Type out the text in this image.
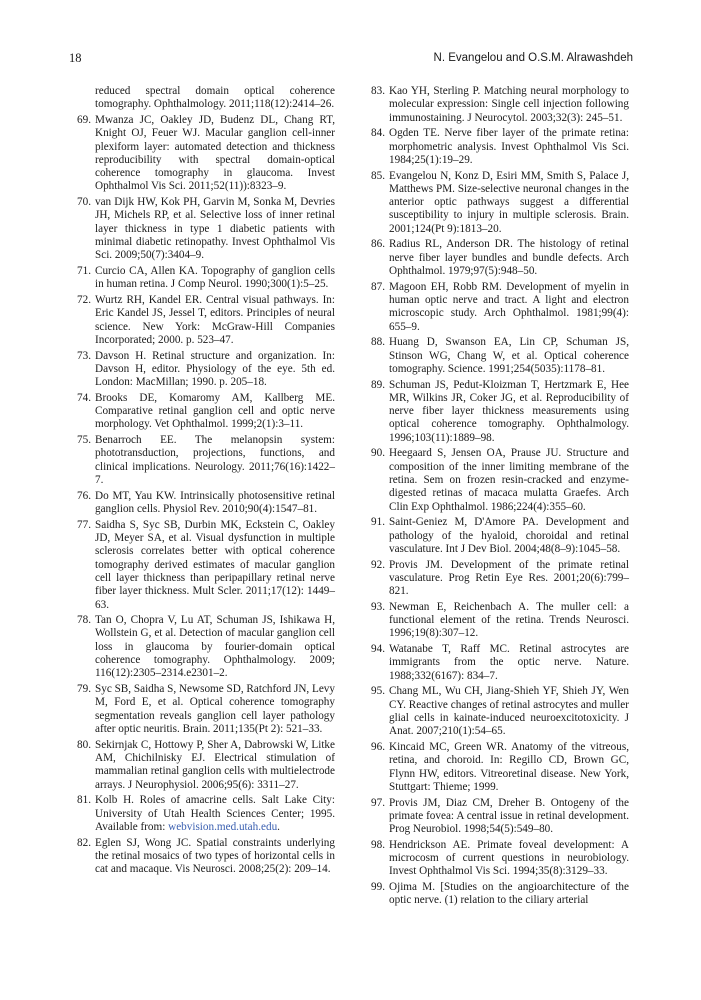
18	N. Evangelou and O.S.M. Alrawashdeh
reduced spectral domain optical coherence tomography. Ophthalmology. 2011;118(12):2414–26.
69. Mwanza JC, Oakley JD, Budenz DL, Chang RT, Knight OJ, Feuer WJ. Macular ganglion cell-inner plexiform layer: automated detection and thickness reproducibility with spectral domain-optical coherence tomography in glaucoma. Invest Ophthalmol Vis Sci. 2011;52(11)):8323–9.
70. van Dijk HW, Kok PH, Garvin M, Sonka M, Devries JH, Michels RP, et al. Selective loss of inner retinal layer thickness in type 1 diabetic patients with minimal diabetic retinopathy. Invest Ophthalmol Vis Sci. 2009;50(7):3404–9.
71. Curcio CA, Allen KA. Topography of ganglion cells in human retina. J Comp Neurol. 1990;300(1):5–25.
72. Wurtz RH, Kandel ER. Central visual pathways. In: Eric Kandel JS, Jessel T, editors. Principles of neural science. New York: McGraw-Hill Companies Incorporated; 2000. p. 523–47.
73. Davson H. Retinal structure and organization. In: Davson H, editor. Physiology of the eye. 5th ed. London: MacMillan; 1990. p. 205–18.
74. Brooks DE, Komaromy AM, Kallberg ME. Comparative retinal ganglion cell and optic nerve morphology. Vet Ophthalmol. 1999;2(1):3–11.
75. Benarroch EE. The melanopsin system: phototransduction, projections, functions, and clinical implications. Neurology. 2011;76(16):1422–7.
76. Do MT, Yau KW. Intrinsically photosensitive retinal ganglion cells. Physiol Rev. 2010;90(4):1547–81.
77. Saidha S, Syc SB, Durbin MK, Eckstein C, Oakley JD, Meyer SA, et al. Visual dysfunction in multiple sclerosis correlates better with optical coherence tomography derived estimates of macular ganglion cell layer thickness than peripapillary retinal nerve fiber layer thickness. Mult Scler. 2011;17(12): 1449–63.
78. Tan O, Chopra V, Lu AT, Schuman JS, Ishikawa H, Wollstein G, et al. Detection of macular ganglion cell loss in glaucoma by fourier-domain optical coherence tomography. Ophthalmology. 2009; 116(12):2305–2314.e2301–2.
79. Syc SB, Saidha S, Newsome SD, Ratchford JN, Levy M, Ford E, et al. Optical coherence tomography segmentation reveals ganglion cell layer pathology after optic neuritis. Brain. 2011;135(Pt 2): 521–33.
80. Sekirnjak C, Hottowy P, Sher A, Dabrowski W, Litke AM, Chichilnisky EJ. Electrical stimulation of mammalian retinal ganglion cells with multielectrode arrays. J Neurophysiol. 2006;95(6): 3311–27.
81. Kolb H. Roles of amacrine cells. Salt Lake City: University of Utah Health Sciences Center; 1995. Available from: webvision.med.utah.edu.
82. Eglen SJ, Wong JC. Spatial constraints underlying the retinal mosaics of two types of horizontal cells in cat and macaque. Vis Neurosci. 2008;25(2): 209–14.
83. Kao YH, Sterling P. Matching neural morphology to molecular expression: Single cell injection following immunostaining. J Neurocytol. 2003;32(3): 245–51.
84. Ogden TE. Nerve fiber layer of the primate retina: morphometric analysis. Invest Ophthalmol Vis Sci. 1984;25(1):19–29.
85. Evangelou N, Konz D, Esiri MM, Smith S, Palace J, Matthews PM. Size-selective neuronal changes in the anterior optic pathways suggest a differential susceptibility to injury in multiple sclerosis. Brain. 2001;124(Pt 9):1813–20.
86. Radius RL, Anderson DR. The histology of retinal nerve fiber layer bundles and bundle defects. Arch Ophthalmol. 1979;97(5):948–50.
87. Magoon EH, Robb RM. Development of myelin in human optic nerve and tract. A light and electron microscopic study. Arch Ophthalmol. 1981;99(4): 655–9.
88. Huang D, Swanson EA, Lin CP, Schuman JS, Stinson WG, Chang W, et al. Optical coherence tomography. Science. 1991;254(5035):1178–81.
89. Schuman JS, Pedut-Kloizman T, Hertzmark E, Hee MR, Wilkins JR, Coker JG, et al. Reproducibility of nerve fiber layer thickness measurements using optical coherence tomography. Ophthalmology. 1996;103(11):1889–98.
90. Heegaard S, Jensen OA, Prause JU. Structure and composition of the inner limiting membrane of the retina. Sem on frozen resin-cracked and enzyme-digested retinas of macaca mulatta Graefes. Arch Clin Exp Ophthalmol. 1986;224(4):355–60.
91. Saint-Geniez M, D'Amore PA. Development and pathology of the hyaloid, choroidal and retinal vasculature. Int J Dev Biol. 2004;48(8–9):1045–58.
92. Provis JM. Development of the primate retinal vasculature. Prog Retin Eye Res. 2001;20(6):799–821.
93. Newman E, Reichenbach A. The muller cell: a functional element of the retina. Trends Neurosci. 1996;19(8):307–12.
94. Watanabe T, Raff MC. Retinal astrocytes are immigrants from the optic nerve. Nature. 1988;332(6167): 834–7.
95. Chang ML, Wu CH, Jiang-Shieh YF, Shieh JY, Wen CY. Reactive changes of retinal astrocytes and muller glial cells in kainate-induced neuroexcitotoxicity. J Anat. 2007;210(1):54–65.
96. Kincaid MC, Green WR. Anatomy of the vitreous, retina, and choroid. In: Regillo CD, Brown GC, Flynn HW, editors. Vitreoretinal disease. New York, Stuttgart: Thieme; 1999.
97. Provis JM, Diaz CM, Dreher B. Ontogeny of the primate fovea: A central issue in retinal development. Prog Neurobiol. 1998;54(5):549–80.
98. Hendrickson AE. Primate foveal development: A microcosm of current questions in neurobiology. Invest Ophthalmol Vis Sci. 1994;35(8):3129–33.
99. Ojima M. [Studies on the angioarchitecture of the optic nerve. (1) relation to the ciliary arterial
